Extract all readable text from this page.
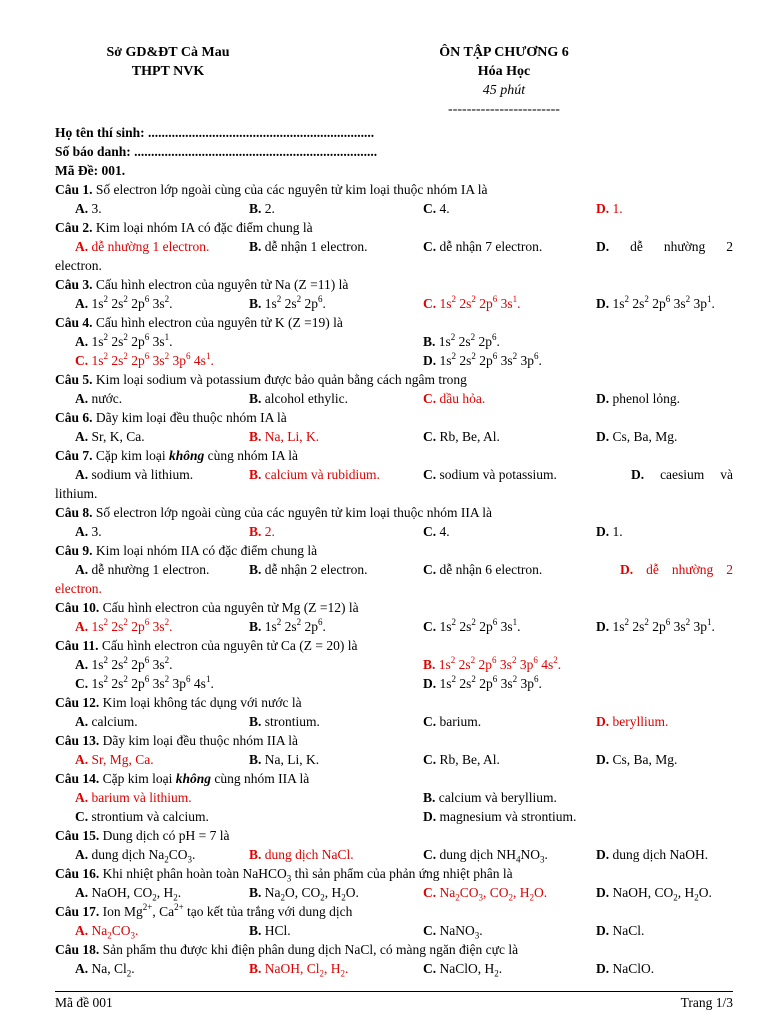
Sở GD&ĐT Cà Mau
THPT NVK
ÔN TẬP CHƯƠNG 6
Hóa Học
45 phút
------------------------
Họ tên thí sinh: ...................................................................
Số báo danh: ........................................................................
Mã Đề: 001.
Câu 1. Số electron lớp ngoài cùng của các nguyên tử kim loại thuộc nhóm IA là
A. 3.	B. 2.	C. 4.	D. 1.
Câu 2. Kim loại nhóm IA có đặc điểm chung là
A. dễ nhường 1 electron.	B. dễ nhận 1 electron.	C. dễ nhận 7 electron.	D. dễ nhường 2
electron.
Câu 3. Cấu hình electron của nguyên tử Na (Z =11) là
A. $1s^2$ $2s^2$ $2p^6$ $3s^2$.	B. $1s^2$ $2s^2$ $2p^6$.	C. $1s^2$ $2s^2$ $2p^6$ $3s^1$.	D. $1s^2$ $2s^2$ $2p^6$ $3s^2$ $3p^1$.
Câu 4. Cấu hình electron của nguyên tử K (Z =19) là
A. $1s^2$ $2s^2$ $2p^6$ $3s^1$.	B. $1s^2$ $2s^2$ $2p^6$.
C. $1s^2$ $2s^2$ $2p^6$ $3s^2$ $3p^6$ $4s^1$.	D. $1s^2$ $2s^2$ $2p^6$ $3s^2$ $3p^6$.
Câu 5. Kim loại sodium và potassium được bảo quản bằng cách ngâm trong
A. nước.	B. alcohol ethylic.	C. dầu hỏa.	D. phenol lỏng.
Câu 6. Dãy kim loại đều thuộc nhóm IA là
A. Sr, K, Ca.	B. Na, Li, K.	C. Rb, Be, Al.	D. Cs, Ba, Mg.
Câu 7. Cặp kim loại không cùng nhóm IA là
A. sodium và lithium.	B. calcium và rubidium.	C. sodium và potassium.	D. caesium và
lithium.
Câu 8. Số electron lớp ngoài cùng của các nguyên tử kim loại thuộc nhóm IIA là
A. 3.	B. 2.	C. 4.	D. 1.
Câu 9. Kim loại nhóm IIA có đặc điểm chung là
A. dễ nhường 1 electron.	B. dễ nhận 2 electron.	C. dễ nhận 6 electron.	D. dễ nhường 2
electron.
Câu 10. Cấu hình electron của nguyên tử Mg (Z =12) là
A. $1s^2$ $2s^2$ $2p^6$ $3s^2$.	B. $1s^2$ $2s^2$ $2p^6$.	C. $1s^2$ $2s^2$ $2p^6$ $3s^1$.	D. $1s^2$ $2s^2$ $2p^6$ $3s^2$ $3p^1$.
Câu 11. Cấu hình electron của nguyên tử Ca (Z = 20) là
A. $1s^2$ $2s^2$ $2p^6$ $3s^2$.	B. $1s^2$ $2s^2$ $2p^6$ $3s^2$ $3p^6$ $4s^2$.
C. $1s^2$ $2s^2$ $2p^6$ $3s^2$ $3p^6$ $4s^1$.	D. $1s^2$ $2s^2$ $2p^6$ $3s^2$ $3p^6$.
Câu 12. Kim loại không tác dụng với nước là
A. calcium.	B. strontium.	C. barium.	D. beryllium.
Câu 13. Dãy kim loại đều thuộc nhóm IIA là
A. Sr, Mg, Ca.	B. Na, Li, K.	C. Rb, Be, Al.	D. Cs, Ba, Mg.
Câu 14. Cặp kim loại không cùng nhóm IIA là
A. barium và lithium.	B. calcium và beryllium.
C. strontium và calcium.	D. magnesium và strontium.
Câu 15. Dung dịch có pH = 7 là
A. dung dịch $Na_2CO_3$.	B. dung dịch NaCl.	C. dung dịch $NH_4NO_3$.	D. dung dịch NaOH.
Câu 16. Khi nhiệt phân hoàn toàn NaHCO$_3$ thì sản phẩm của phản ứng nhiệt phân là
A. NaOH, $CO_2$, $H_2$.	B. $Na_2O$, $CO_2$, $H_2O$.	C. $Na_2CO_3$, $CO_2$, $H_2O$.	D. NaOH, $CO_2$, $H_2O$.
Câu 17. Ion $Mg^{2+}$, $Ca^{2+}$ tạo kết tủa trắng với dung dịch
A. $Na_2CO_3$.	B. HCl.	C. NaNO$_3$.	D. NaCl.
Câu 18. Sản phẩm thu được khi điện phân dung dịch NaCl, có màng ngăn điện cực là
A. Na, $Cl_2$.	B. NaOH, $Cl_2$, $H_2$.	C. NaClO, $H_2$.	D. NaClO.
Mã đề 001	Trang 1/3
